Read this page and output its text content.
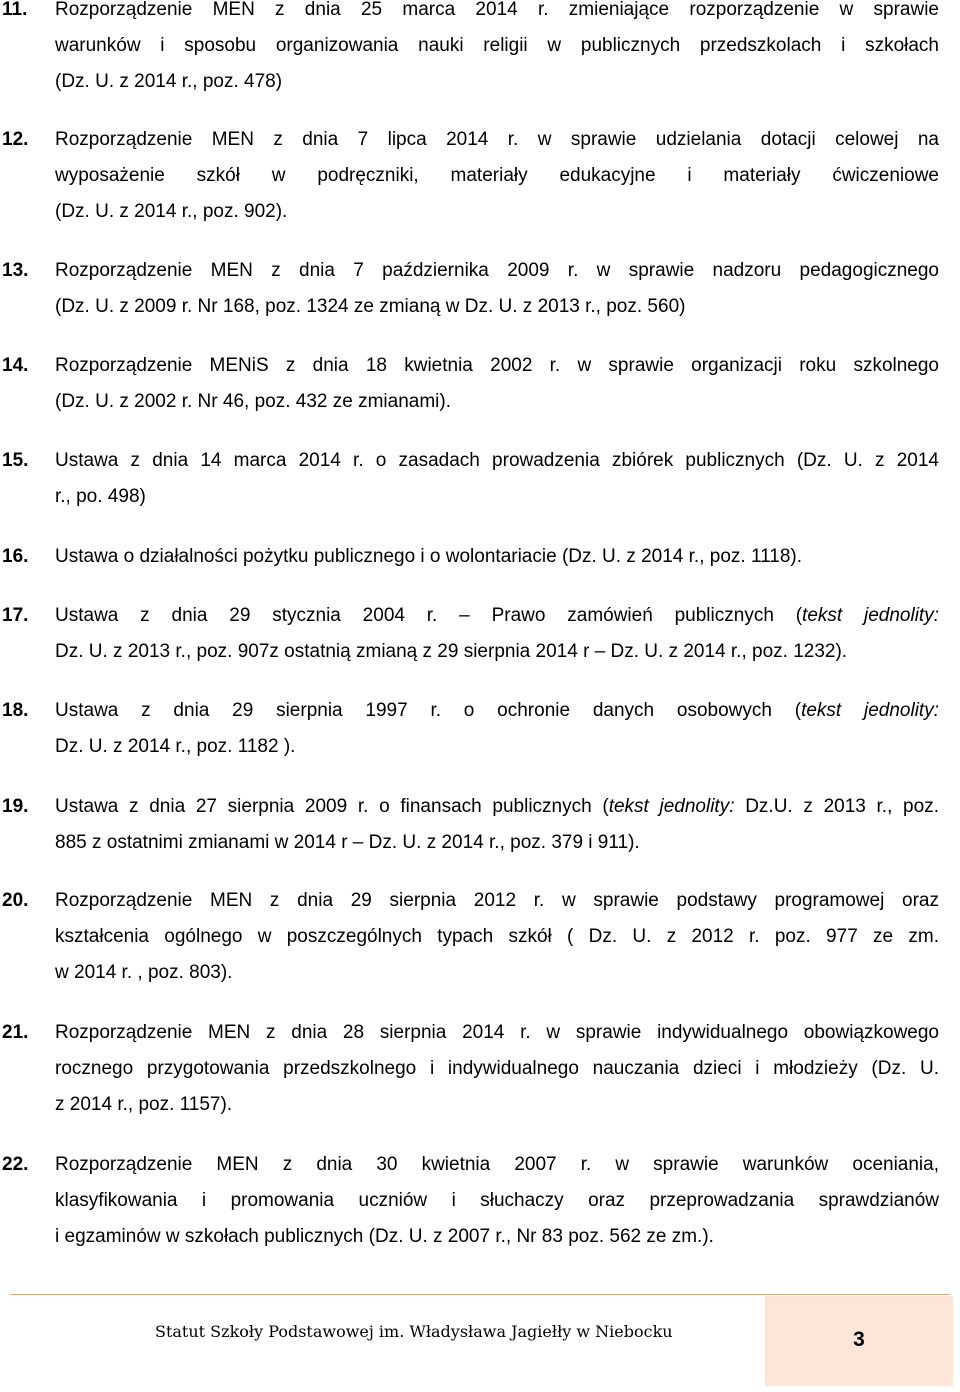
11. Rozporządzenie MEN z dnia 25 marca 2014 r. zmieniające rozporządzenie w sprawie
warunków i sposobu organizowania nauki religii w publicznych przedszkolach i szkołach
(Dz. U. z 2014 r., poz. 478)
12. Rozporządzenie MEN z dnia 7 lipca 2014 r. w sprawie udzielania dotacji celowej na
wyposażenie szkół w podręczniki, materiały edukacyjne i materiały ćwiczeniowe
(Dz. U. z 2014 r., poz. 902).
13. Rozporządzenie MEN z dnia 7 października 2009 r. w sprawie nadzoru pedagogicznego
(Dz. U. z 2009 r. Nr 168, poz. 1324 ze zmianą w Dz. U. z 2013 r., poz. 560)
14. Rozporządzenie MENiS z dnia 18 kwietnia 2002 r. w sprawie organizacji roku szkolnego
(Dz. U. z 2002 r. Nr 46, poz. 432 ze zmianami).
15. Ustawa z dnia 14 marca 2014 r. o zasadach prowadzenia zbiórek publicznych (Dz. U. z 2014
r., po. 498)
16. Ustawa o działalności pożytku publicznego i o wolontariacie (Dz. U. z 2014 r., poz. 1118).
17. Ustawa z dnia 29 stycznia 2004 r. – Prawo zamówień publicznych (tekst jednolity:
Dz. U. z 2013 r., poz. 907z ostatnią zmianą z 29 sierpnia 2014 r – Dz. U. z 2014 r., poz. 1232).
18. Ustawa z dnia 29 sierpnia 1997 r. o ochronie danych osobowych (tekst jednolity:
Dz. U. z 2014 r., poz. 1182 ).
19. Ustawa z dnia 27 sierpnia 2009 r. o finansach publicznych (tekst jednolity: Dz.U. z 2013 r., poz.
885 z ostatnimi zmianami w 2014 r – Dz. U. z 2014 r., poz. 379 i 911).
20. Rozporządzenie MEN z dnia 29 sierpnia 2012 r. w sprawie podstawy programowej oraz
kształcenia ogólnego w poszczególnych typach szkół ( Dz. U. z 2012 r. poz. 977 ze zm.
w 2014 r. , poz. 803).
21. Rozporządzenie MEN z dnia 28 sierpnia 2014 r. w sprawie indywidualnego obowiązkowego
rocznego przygotowania przedszkolnego i indywidualnego nauczania dzieci i młodzieży (Dz. U.
z 2014 r., poz. 1157).
22. Rozporządzenie MEN z dnia 30 kwietnia 2007 r. w sprawie warunków oceniania,
klasyfikowania i promowania uczniów i słuchaczy oraz przeprowadzania sprawdzianów
i egzaminów w szkołach publicznych (Dz. U. z 2007 r., Nr 83 poz. 562 ze zm.).
3
Statut Szkoły Podstawowej im. Władysława Jagiełły w Niebocku
